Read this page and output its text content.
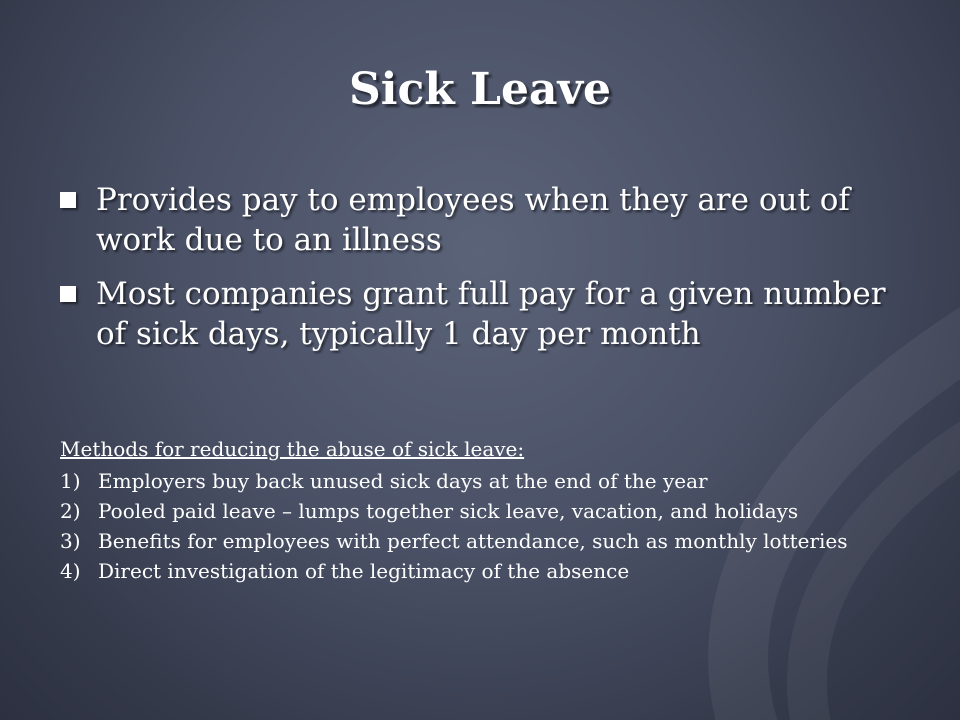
Sick Leave
Provides pay to employees when they are out of work due to an illness
Most companies grant full pay for a given number of sick days, typically 1 day per month

Methods for reducing the abuse of sick leave:

1) Employers buy back unused sick days at the end of the year
2) Pooled paid leave – lumps together sick leave, vacation, and holidays
3) Benefits for employees with perfect attendance, such as monthly lotteries
4) Direct investigation of the legitimacy of the absence
